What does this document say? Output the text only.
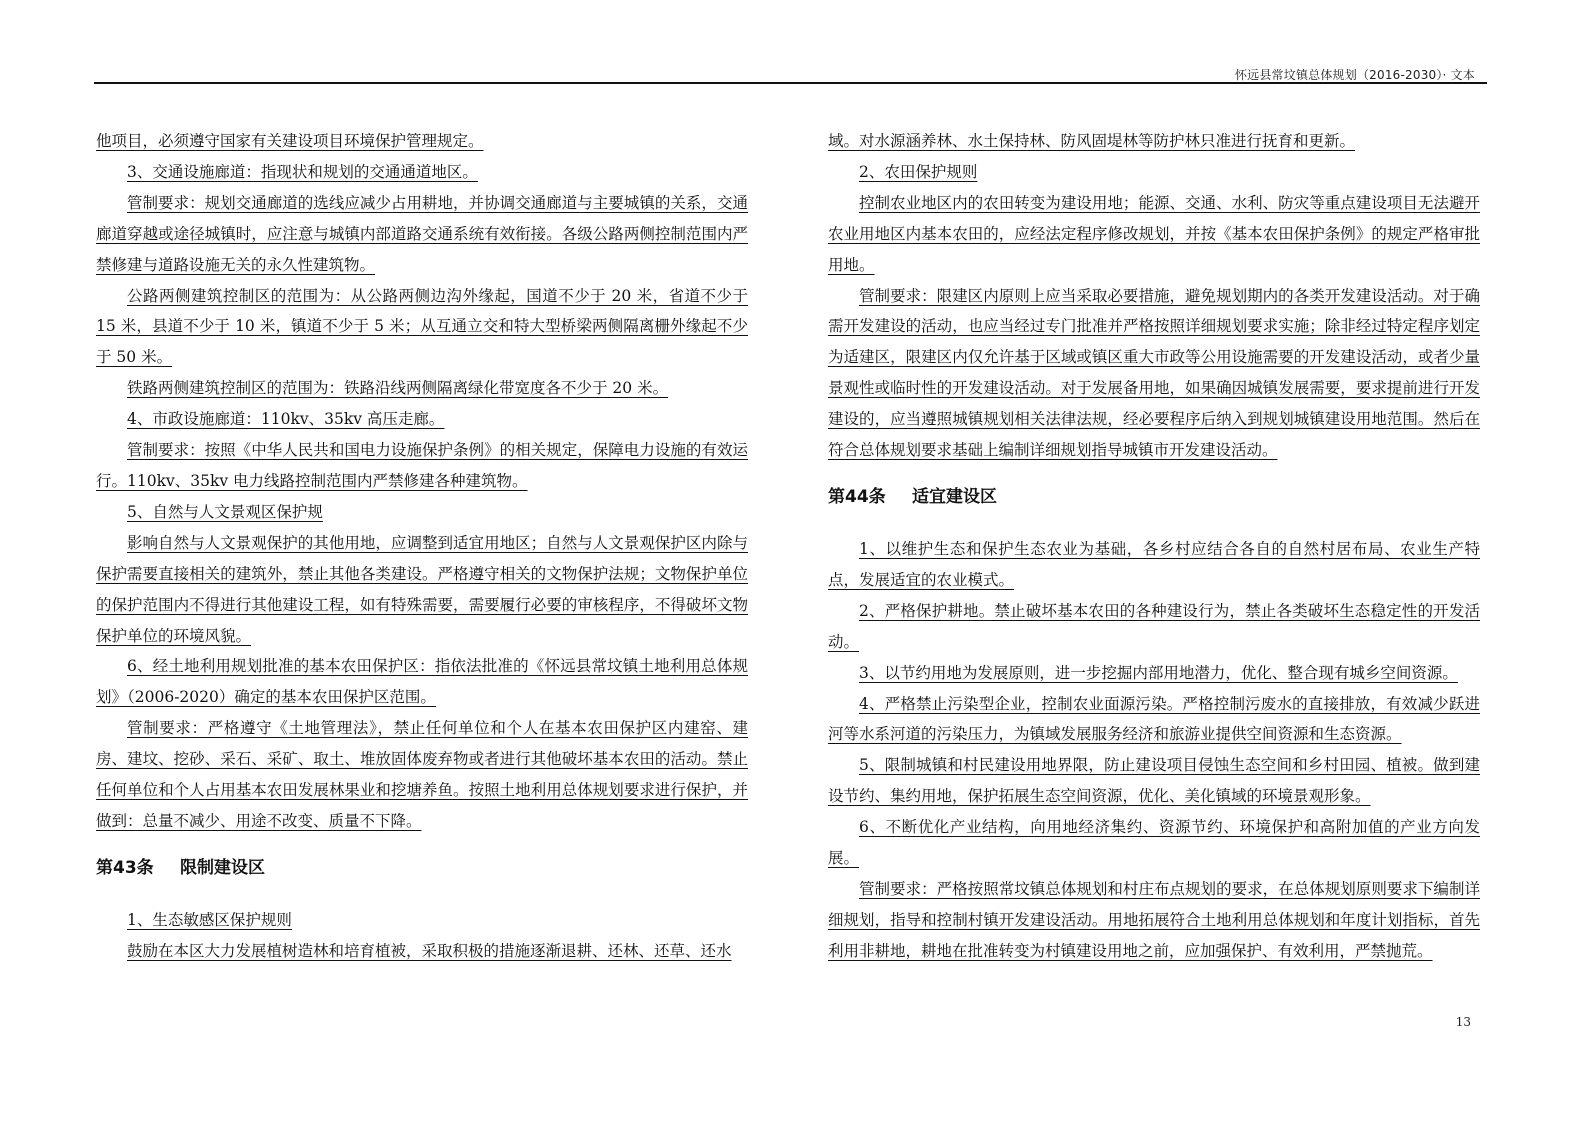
怀远县常坟镇总体规划（2016-2030）· 文本

他项目，必须遵守国家有关建设项目环境保护管理规定。

3、交通设施廊道：指现状和规划的交通通道地区。

管制要求：规划交通廊道的选线应减少占用耕地，并协调交通廊道与主要城镇的关系，交通廊道穿越或途径城镇时，应注意与城镇内部道路交通系统有效衔接。各级公路两侧控制范围内严禁修建与道路设施无关的永久性建筑物。

公路两侧建筑控制区的范围为：从公路两侧边沟外缘起，国道不少于 20 米，省道不少于 15 米，县道不少于 10 米，镇道不少于 5 米；从互通立交和特大型桥梁两侧隔离栅外缘起不少于 50 米。

铁路两侧建筑控制区的范围为：铁路沿线两侧隔离绿化带宽度各不少于 20 米。

4、市政设施廊道：110kv、35kv 高压走廊。

管制要求：按照《中华人民共和国电力设施保护条例》的相关规定，保障电力设施的有效运行。110kv、35kv 电力线路控制范围内严禁修建各种建筑物。

5、自然与人文景观区保护规

影响自然与人文景观保护的其他用地，应调整到适宜用地区；自然与人文景观保护区内除与保护需要直接相关的建筑外，禁止其他各类建设。严格遵守相关的文物保护法规；文物保护单位的保护范围内不得进行其他建设工程，如有特殊需要，需要履行必要的审核程序，不得破坏文物保护单位的环境风貌。

6、经土地利用规划批准的基本农田保护区：指依法批准的《怀远县常坟镇土地利用总体规划》（2006-2020）确定的基本农田保护区范围。

管制要求：严格遵守《土地管理法》，禁止任何单位和个人在基本农田保护区内建窑、建房、建坟、挖砂、采石、采矿、取土、堆放固体废弃物或者进行其他破坏基本农田的活动。禁止任何单位和个人占用基本农田发展林果业和挖塘养鱼。按照土地利用总体规划要求进行保护，并做到：总量不减少、用途不改变、质量不下降。

第43条 限制建设区

1、生态敏感区保护规则

鼓励在本区大力发展植树造林和培育植被，采取积极的措施逐渐退耕、还林、还草、还水

域。对水源涵养林、水土保持林、防风固堤林等防护林只准进行抚育和更新。

2、农田保护规则

控制农业地区内的农田转变为建设用地；能源、交通、水利、防灾等重点建设项目无法避开农业用地区内基本农田的，应经法定程序修改规划，并按《基本农田保护条例》的规定严格审批用地。

管制要求：限建区内原则上应当采取必要措施，避免规划期内的各类开发建设活动。对于确需开发建设的活动，也应当经过专门批准并严格按照详细规划要求实施；除非经过特定程序划定为适建区，限建区内仅允许基于区域或镇区重大市政等公用设施需要的开发建设活动，或者少量景观性或临时性的开发建设活动。对于发展备用地，如果确因城镇发展需要，要求提前进行开发建设的，应当遵照城镇规划相关法律法规，经必要程序后纳入到规划城镇建设用地范围。然后在符合总体规划要求基础上编制详细规划指导城镇市开发建设活动。

第44条 适宜建设区

1、以维护生态和保护生态农业为基础，各乡村应结合各自的自然村居布局、农业生产特点，发展适宜的农业模式。

2、严格保护耕地。禁止破坏基本农田的各种建设行为，禁止各类破坏生态稳定性的开发活动。

3、以节约用地为发展原则，进一步挖掘内部用地潜力，优化、整合现有城乡空间资源。

4、严格禁止污染型企业，控制农业面源污染。严格控制污废水的直接排放，有效减少跃进河等水系河道的污染压力，为镇域发展服务经济和旅游业提供空间资源和生态资源。

5、限制城镇和村民建设用地界限，防止建设项目侵蚀生态空间和乡村田园、植被。做到建设节约、集约用地，保护拓展生态空间资源，优化、美化镇域的环境景观形象。

6、不断优化产业结构，向用地经济集约、资源节约、环境保护和高附加值的产业方向发展。

管制要求：严格按照常坟镇总体规划和村庄布点规划的要求，在总体规划原则要求下编制详细规划，指导和控制村镇开发建设活动。用地拓展符合土地利用总体规划和年度计划指标，首先利用非耕地，耕地在批准转变为村镇建设用地之前，应加强保护、有效利用，严禁抛荒。

13
